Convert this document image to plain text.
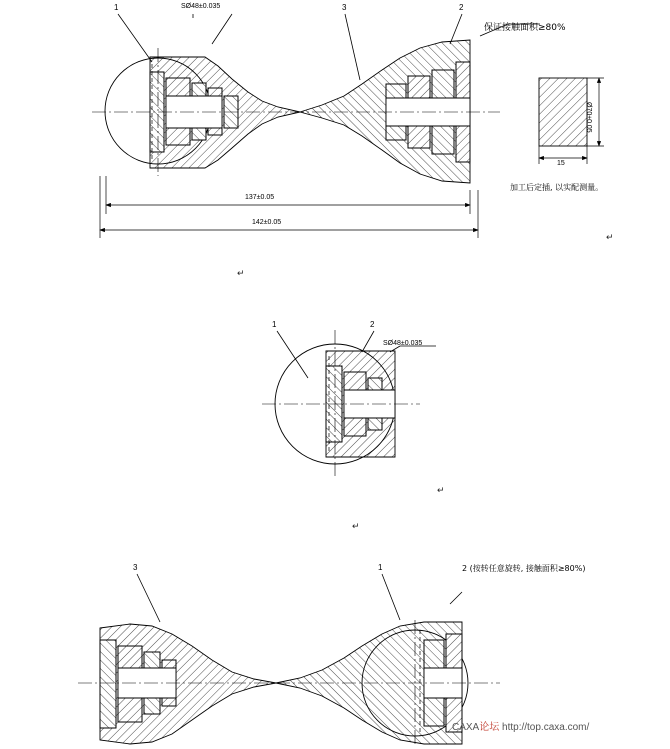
1	SØ48±0.035	3	2
保证接触面积≥80%
137±0.05
142±0.05
Ø70±0.05
15
加工后定插, 以实配测量。
1	2
SØ48±0.035
3	1	2 (按转任意旋转, 接触面积≥80%)
↵
↵
↵
↵
CAXA论坛 http://top.caxa.com/
